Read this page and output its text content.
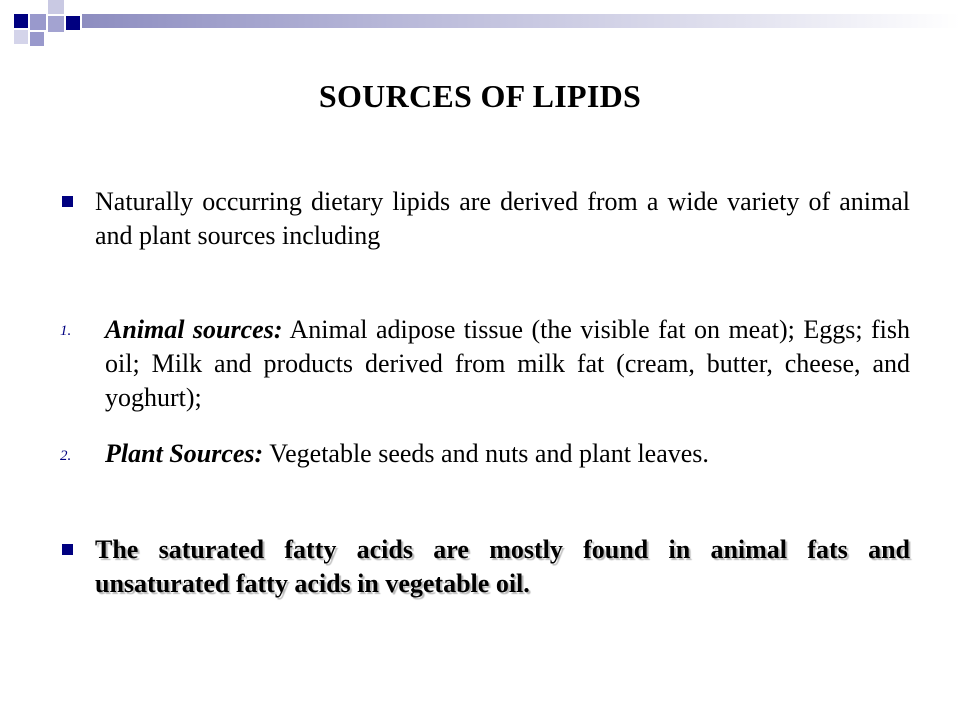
SOURCES OF LIPIDS
Naturally occurring dietary lipids are derived from a wide variety of animal and plant sources including
1. Animal sources: Animal adipose tissue (the visible fat on meat); Eggs; fish oil; Milk and products derived from milk fat (cream, butter, cheese, and yoghurt);
2. Plant Sources: Vegetable seeds and nuts and plant leaves.
The saturated fatty acids are mostly found in animal fats and unsaturated fatty acids in vegetable oil.
